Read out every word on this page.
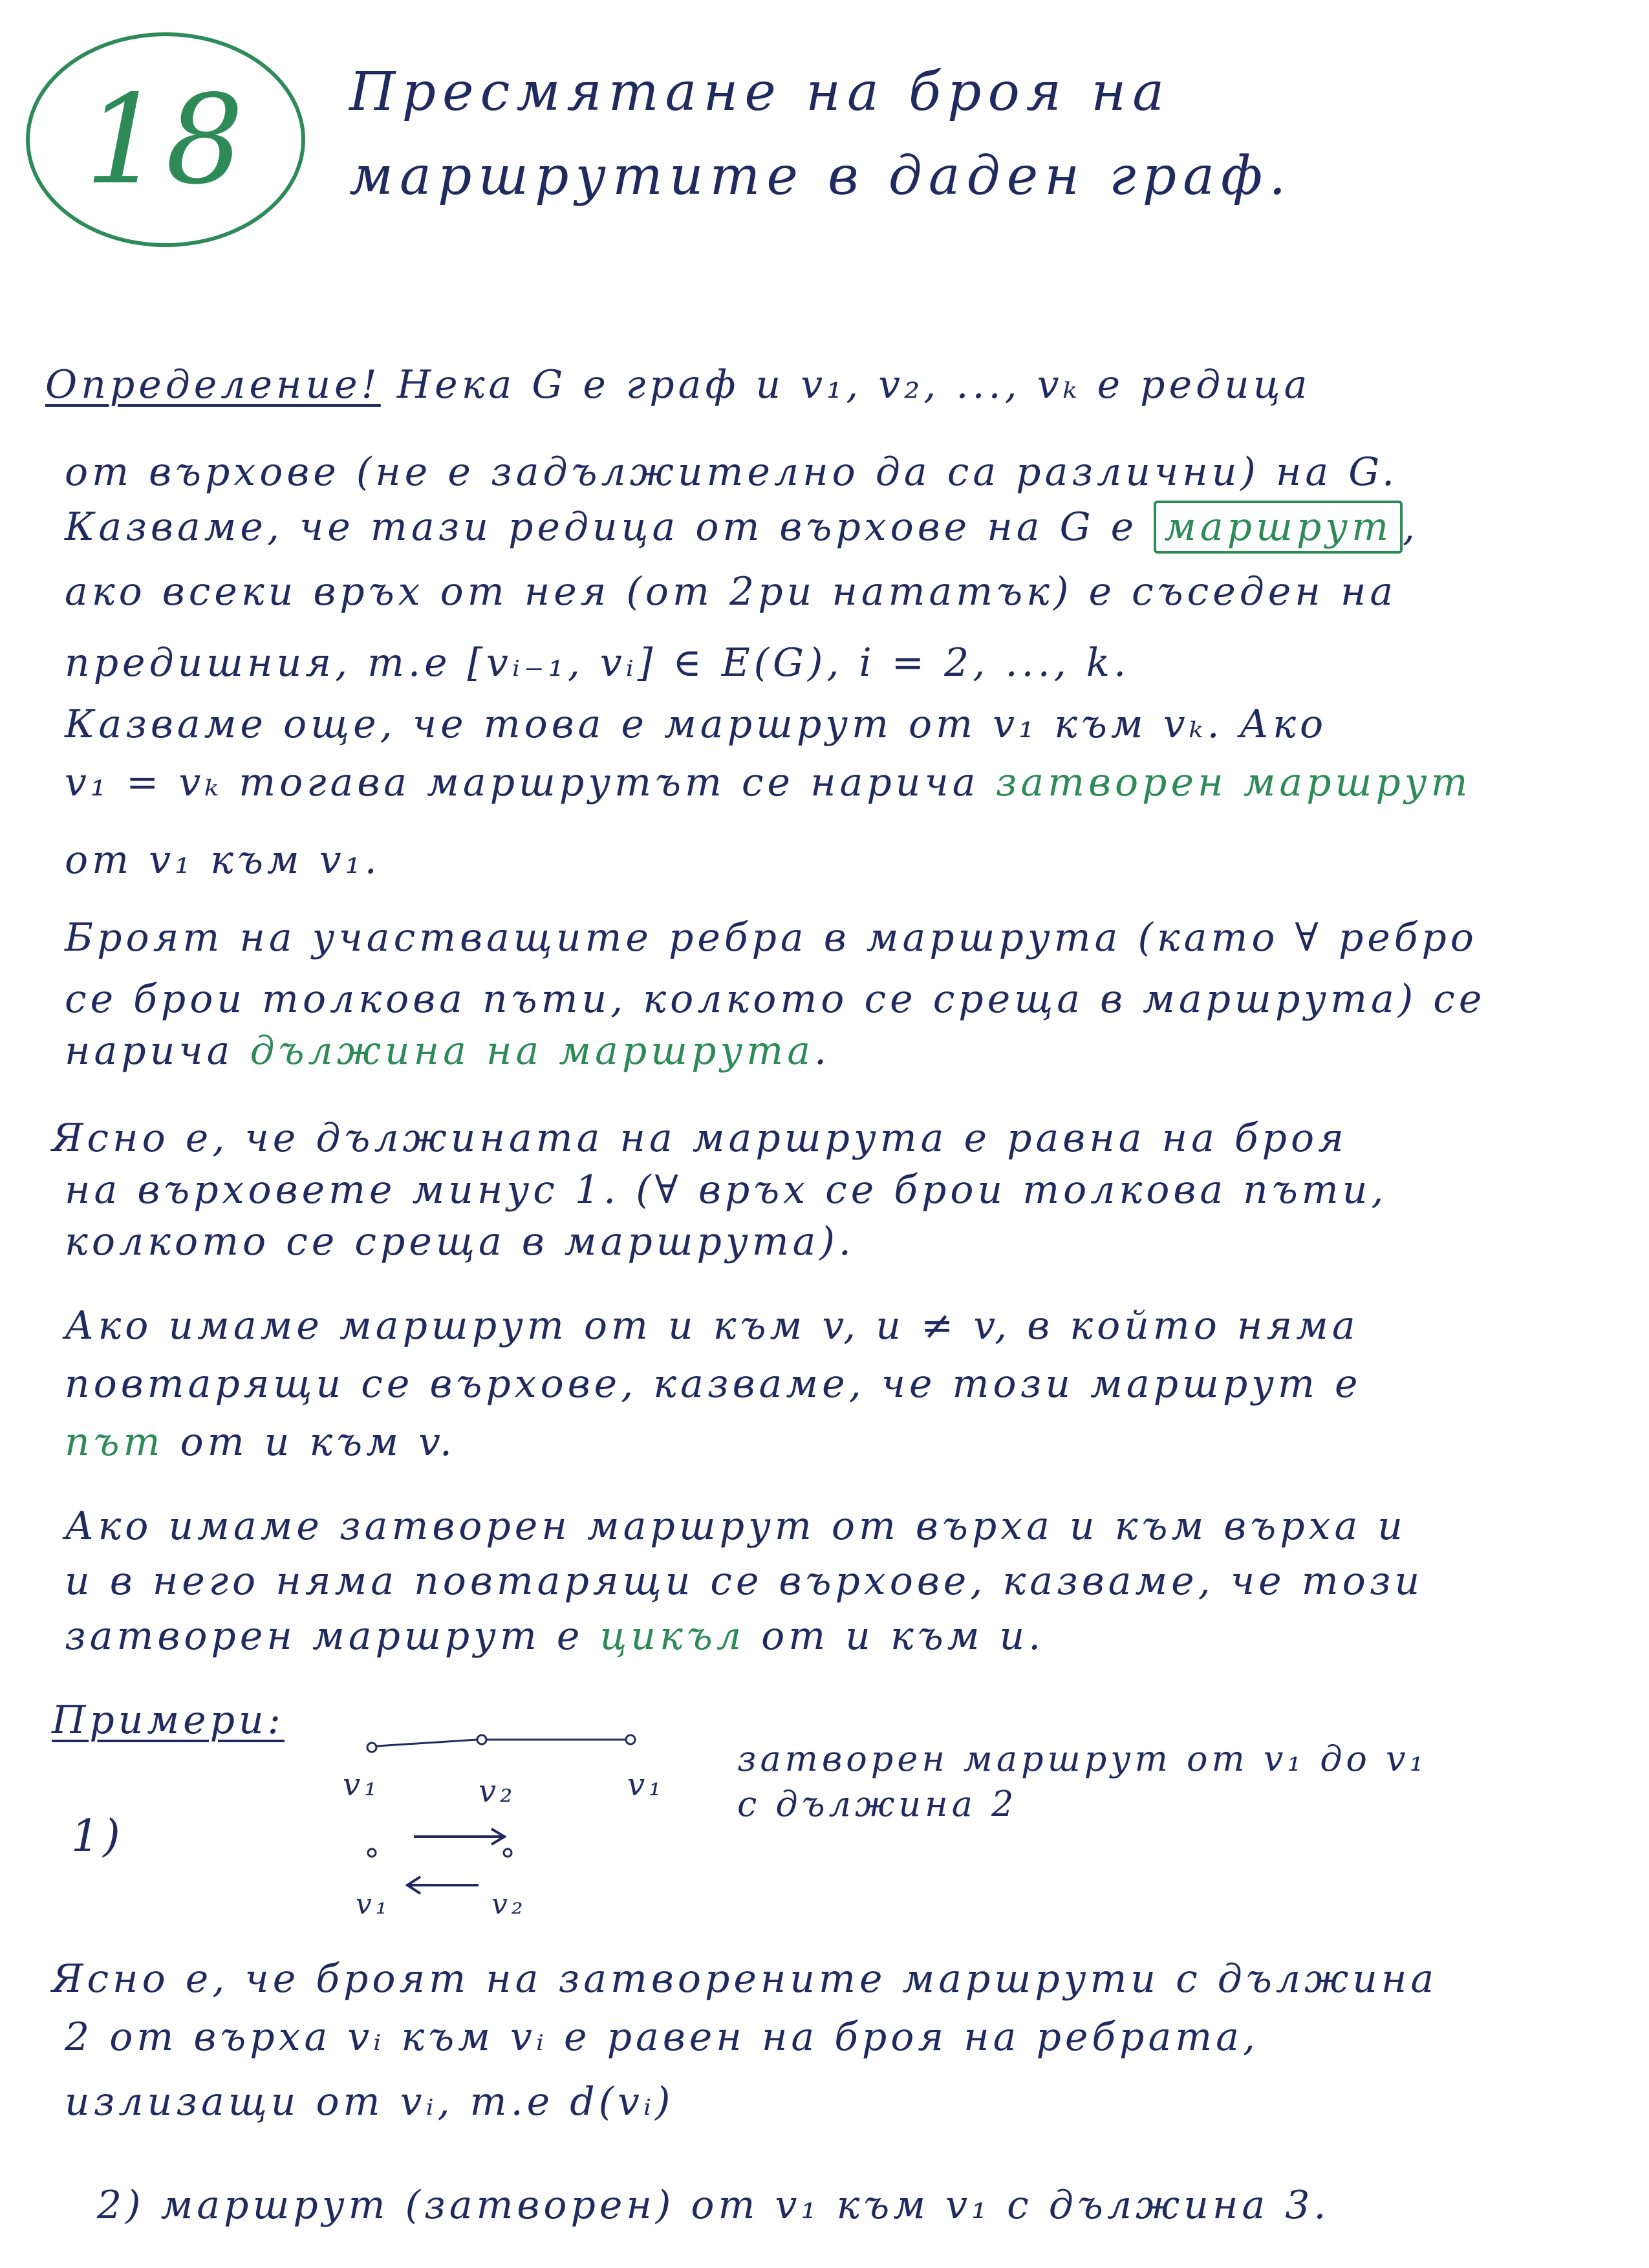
18 Пресмятане на броя на
маршрутите в даден граф.
Определение! Нека G е граф и v₁, v₂, ..., vₖ е редица
от върхове (не е задължително да са различни) на G.
Казваме, че тази редица от върхове на G е маршрут ,
ако всеки връх от нея (от 2ри нататък) е съседен на
предишния, т.е [vᵢ₋₁, vᵢ] ∈ E(G), i = 2, ..., k.
Казваме още, че това е маршрут от v₁ към vₖ. Ако
v₁ = vₖ тогава маршрутът се нарича затворен маршрут
от v₁ към v₁.
Броят на участващите ребра в маршрута (като ∀ ребро
се брои толкова пъти, колкото се среща в маршрута) се
нарича дължина на маршрута.
Ясно е, че дължината на маршрута е равна на броя
на върховете минус 1. (∀ връх се брои толкова пъти,
колкото се среща в маршрута).
Ако имаме маршрут от u към v, u ≠ v, в който няма
повтарящи се върхове, казваме, че този маршрут е
път от u към v.
Ако имаме затворен маршрут от върха u към върха u
и в него няма повтарящи се върхове, казваме, че този
затворен маршрут е цикъл от u към u.
Примери:
v₁	v₂	v₁
затворен маршрут от v₁ до v₁
с дължина 2
1)
v₁	v₂
Ясно е, че броят на затворените маршрути с дължина
2 от върха vᵢ към vᵢ е равен на броя на ребрата,
излизащи от vᵢ, т.е d(vᵢ)
2) маршрут (затворен) от v₁ към v₁ с дължина 3.
